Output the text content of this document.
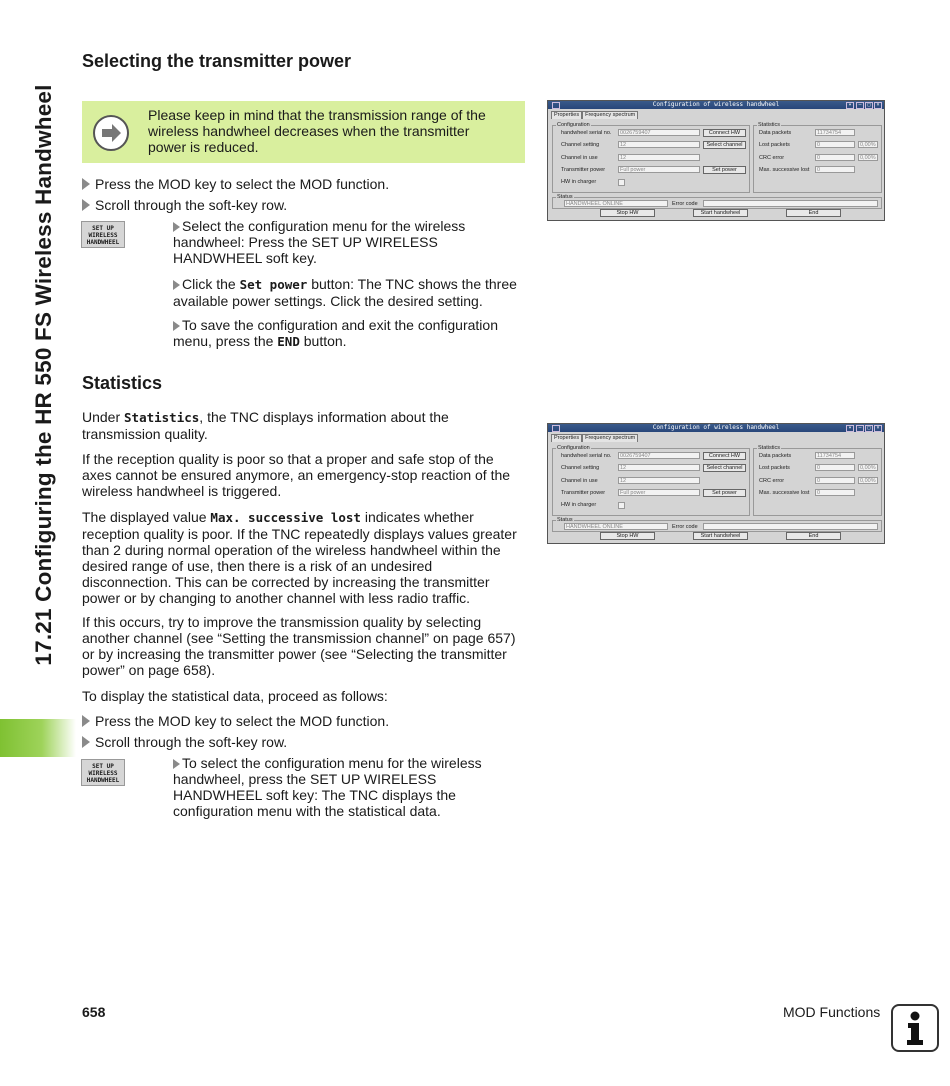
17.21 Configuring the HR 550 FS Wireless Handwheel
Selecting the transmitter power
Please keep in mind that the transmission range of the wireless handwheel decreases when the transmitter power is reduced.
Press the MOD key to select the MOD function.
Scroll through the soft-key row.
SET UP
WIRELESS
HANDWHEEL
Select the configuration menu for the wireless handwheel: Press the SET UP WIRELESS HANDWHEEL soft key.
Click the Set power button: The TNC shows the three available power settings. Click the desired setting.
To save the configuration and exit the configuration menu, press the END button.
Statistics

Under Statistics, the TNC displays information about the transmission quality.

If the reception quality is poor so that a proper and safe stop of the axes cannot be ensured anymore, an emergency-stop reaction of the wireless handwheel is triggered.

The displayed value Max. successive lost indicates whether reception quality is poor. If the TNC repeatedly displays values greater than 2 during normal operation of the wireless handwheel within the desired range of use, then there is a risk of an undesired disconnection. This can be corrected by increasing the transmitter power or by changing to another channel with less radio traffic.

If this occurs, try to improve the transmission quality by selecting another channel (see “Setting the transmission channel” on page 657) or by increasing the transmitter power (see “Selecting the transmitter power” on page 658).

To display the statistical data, proceed as follows:

Press the MOD key to select the MOD function.
Scroll through the soft-key row.
SET UP
WIRELESS
HANDWHEEL
To select the configuration menu for the wireless handwheel, press the SET UP WIRELESS HANDWHEEL soft key: The TNC displays the configuration menu with the statistical data.
Configuration of wireless handwheel	▾	–	□	×
Properties Frequency spectrum
Configuration	Statistics
handwheel serial no.	0026759407	Connect HW
Channel setting	12	Select channel
Channel in use	12
Transmitter power	Full power	Set power
HW in charger
Data packets	11734754
Lost packets	0	0,00%
CRC error	0	0,00%
Max. successive lost	0
Status
HANDWHEEL ONLINE	Error code
Stop HW	Start handwheel	End
Configuration of wireless handwheel	▾	–	□	×
Properties Frequency spectrum
Configuration	Statistics
handwheel serial no.	0026759407	Connect HW
Channel setting	12	Select channel
Channel in use	12
Transmitter power	Full power	Set power
HW in charger
Data packets	11734754
Lost packets	0	0,00%
CRC error	0	0,00%
Max. successive lost	0
Status
HANDWHEEL ONLINE	Error code
Stop HW	Start handwheel	End
658	MOD Functions
